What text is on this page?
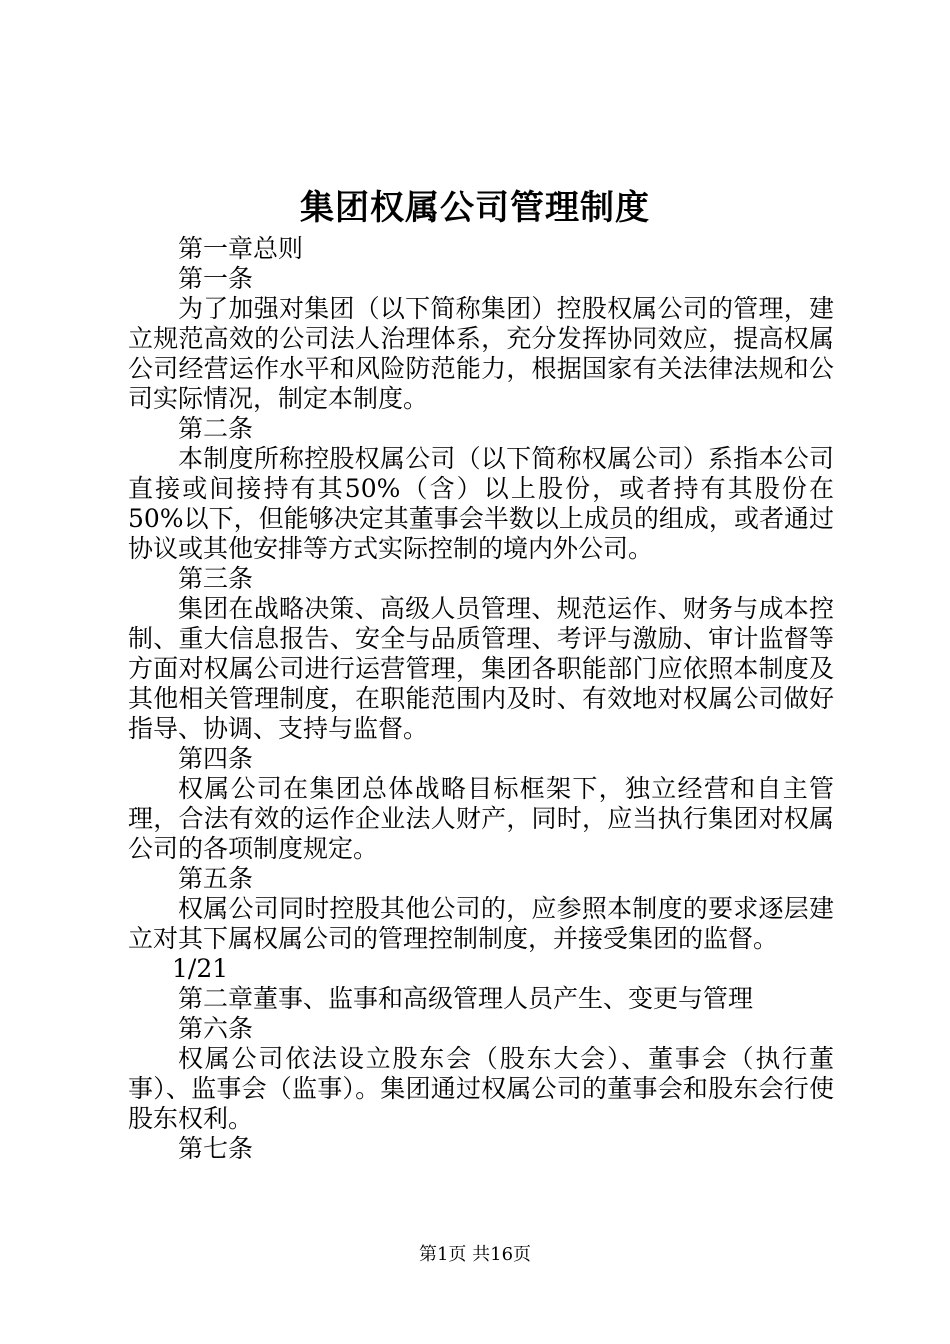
集团权属公司管理制度

第一章总则

第一条

为了加强对集团（以下简称集团）控股权属公司的管理，建立规范高效的公司法人治理体系，充分发挥协同效应，提高权属公司经营运作水平和风险防范能力，根据国家有关法律法规和公司实际情况，制定本制度。

第二条

本制度所称控股权属公司（以下简称权属公司）系指本公司直接或间接持有其50%（含）以上股份，或者持有其股份在50%以下，但能够决定其董事会半数以上成员的组成，或者通过协议或其他安排等方式实际控制的境内外公司。

第三条

集团在战略决策、高级人员管理、规范运作、财务与成本控制、重大信息报告、安全与品质管理、考评与激励、审计监督等方面对权属公司进行运营管理，集团各职能部门应依照本制度及其他相关管理制度，在职能范围内及时、有效地对权属公司做好指导、协调、支持与监督。

第四条

权属公司在集团总体战略目标框架下，独立经营和自主管理，合法有效的运作企业法人财产，同时，应当执行集团对权属公司的各项制度规定。

第五条

权属公司同时控股其他公司的，应参照本制度的要求逐层建立对其下属权属公司的管理控制制度，并接受集团的监督。

1/21

第二章董事、监事和高级管理人员产生、变更与管理

第六条

权属公司依法设立股东会（股东大会）、董事会（执行董事）、监事会（监事）。集团通过权属公司的董事会和股东会行使股东权利。

第七条

第1页 共16页
